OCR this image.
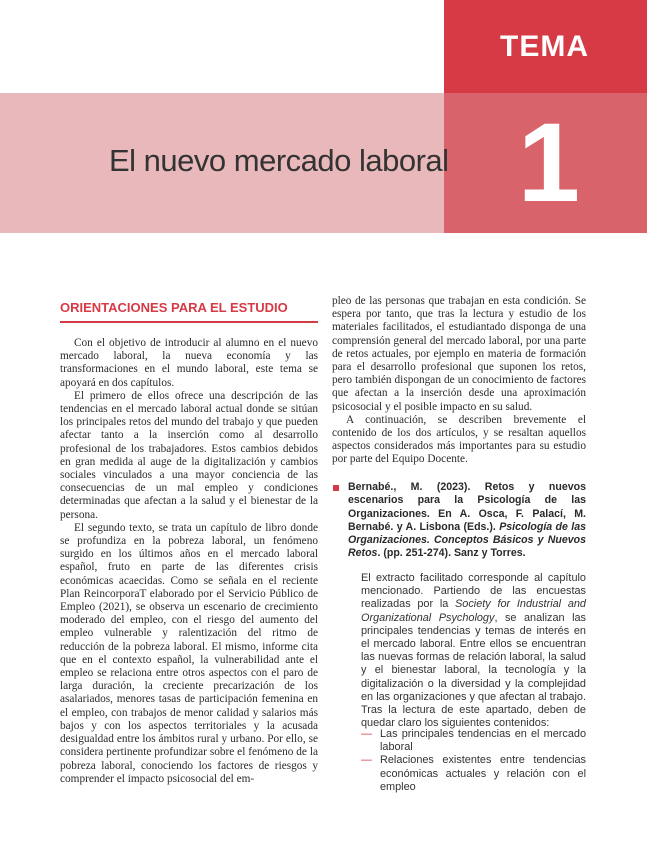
TEMA
1
El nuevo mercado laboral
ORIENTACIONES PARA EL ESTUDIO

Con el objetivo de introducir al alumno en el nuevo mercado laboral, la nueva economía y las transformaciones en el mundo laboral, este tema se apoyará en dos capítulos.

El primero de ellos ofrece una descripción de las tendencias en el mercado laboral actual donde se sitúan los principales retos del mundo del trabajo y que pueden afectar tanto a la inserción como al desarrollo profesional de los trabajadores. Estos cambios debidos en gran medida al auge de la digitalización y cambios sociales vinculados a una mayor conciencia de las consecuencias de un mal empleo y condiciones determinadas que afectan a la salud y el bienestar de la persona.

El segundo texto, se trata un capítulo de libro donde se profundiza en la pobreza laboral, un fenómeno surgido en los últimos años en el mercado laboral español, fruto en parte de las diferentes crisis económicas acaecidas. Como se señala en el reciente Plan ReincorporaT elaborado por el Servicio Público de Empleo (2021), se observa un escenario de crecimiento moderado del empleo, con el riesgo del aumento del empleo vulnerable y ralentización del ritmo de reducción de la pobreza laboral. El mismo, informe cita que en el contexto español, la vulnerabilidad ante el empleo se relaciona entre otros aspectos con el paro de larga duración, la creciente precarización de los asalariados, menores tasas de participación femenina en el empleo, con trabajos de menor calidad y salarios más bajos y con los aspectos territoriales y la acusada desigualdad entre los ámbitos rural y urbano. Por ello, se considera pertinente profundizar sobre el fenómeno de la pobreza laboral, conociendo los factores de riesgos y comprender el impacto psicosocial del em-

pleo de las personas que trabajan en esta condición. Se espera por tanto, que tras la lectura y estudio de los materiales facilitados, el estudiantado disponga de una comprensión general del mercado laboral, por una parte de retos actuales, por ejemplo en materia de formación para el desarrollo profesional que suponen los retos, pero también dispongan de un conocimiento de factores que afectan a la inserción desde una aproximación psicosocial y el posible impacto en su salud.

A continuación, se describen brevemente el contenido de los dos artículos, y se resaltan aquellos aspectos considerados más importantes para su estudio por parte del Equipo Docente.

Bernabé., M. (2023). Retos y nuevos escenarios para la Psicología de las Organizaciones. En A. Osca, F. Palací, M. Bernabé. y A. Lisbona (Eds.). Psicología de las Organizaciones. Conceptos Básicos y Nuevos Retos. (pp. 251-274). Sanz y Torres.

El extracto facilitado corresponde al capítulo mencionado. Partiendo de las encuestas realizadas por la Society for Industrial and Organizational Psychology, se analizan las principales tendencias y temas de interés en el mercado laboral. Entre ellos se encuentran las nuevas formas de relación laboral, la salud y el bienestar laboral, la tecnología y la digitalización o la diversidad y la complejidad en las organizaciones y que afectan al trabajo. Tras la lectura de este apartado, deben de quedar claro los siguientes contenidos:

— Las principales tendencias en el mercado laboral
— Relaciones existentes entre tendencias económicas actuales y relación con el empleo
